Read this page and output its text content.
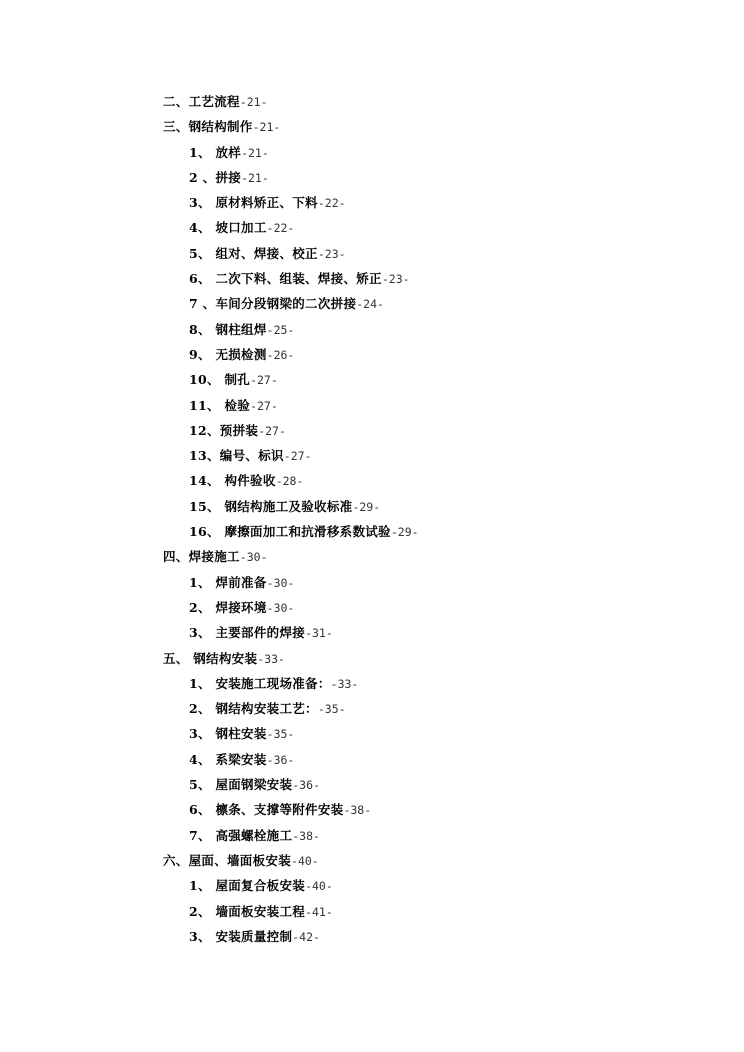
二、工艺流程-21-
三、钢结构制作-21-
1、 放样-21-
2 、拼接-21-
3、 原材料矫正、下料-22-
4、 坡口加工-22-
5、 组对、焊接、校正-23-
6、 二次下料、组装、焊接、矫正-23-
7 、车间分段钢梁的二次拼接-24-
8、 钢柱组焊-25-
9、 无损检测-26-
10、 制孔-27-
11、 检验-27-
12、预拼装-27-
13、编号、标识-27-
14、 构件验收-28-
15、 钢结构施工及验收标准-29-
16、 摩擦面加工和抗滑移系数试验-29-
四、焊接施工-30-
1、 焊前准备-30-
2、 焊接环境-30-
3、 主要部件的焊接-31-
五、 钢结构安装-33-
1、 安装施工现场准备：-33-
2、 钢结构安装工艺：-35-
3、 钢柱安装-35-
4、 系梁安装-36-
5、 屋面钢梁安装-36-
6、 檩条、支撑等附件安装-38-
7、 高强螺栓施工-38-
六、屋面、墙面板安装-40-
1、 屋面复合板安装-40-
2、 墙面板安装工程-41-
3、 安装质量控制-42-
